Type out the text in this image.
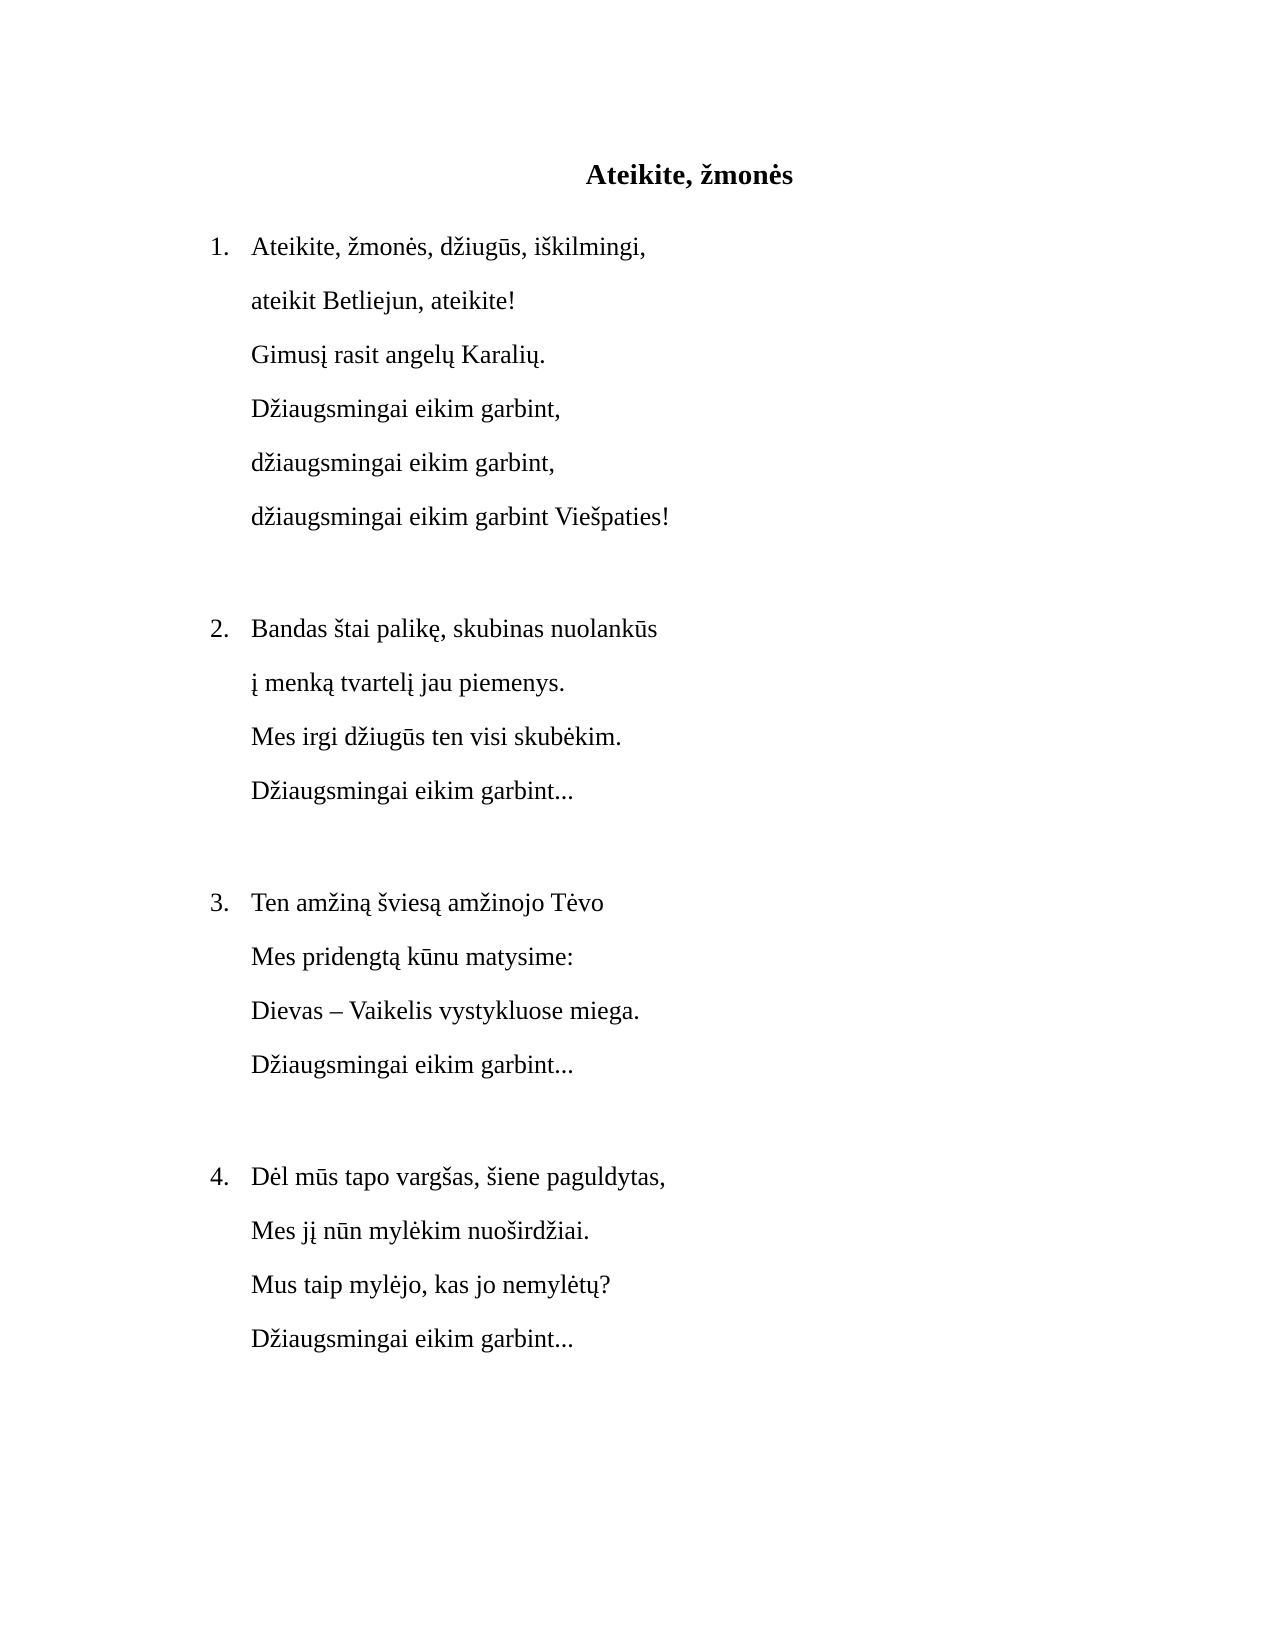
Ateikite, žmonės
1. Ateikite, žmonės, džiugūs, iškilmingi,
ateikit Betliejun, ateikite!
Gimusį rasit angelų Karalių.
Džiaugsmingai eikim garbint,
džiaugsmingai eikim garbint,
džiaugsmingai eikim garbint Viešpaties!
2. Bandas štai palikę, skubinas nuolankūs
į menką tvartelį jau piemenys.
Mes irgi džiugūs ten visi skubėkim.
Džiaugsmingai eikim garbint...
3. Ten amžiną šviesą amžinojo Tėvo
Mes pridengtą kūnu matysime:
Dievas – Vaikelis vystykluose miega.
Džiaugsmingai eikim garbint...
4. Dėl mūs tapo vargšas, šiene paguldytas,
Mes jį nūn mylėkim nuoširdžiai.
Mus taip mylėjo, kas jo nemylėtų?
Džiaugsmingai eikim garbint...
